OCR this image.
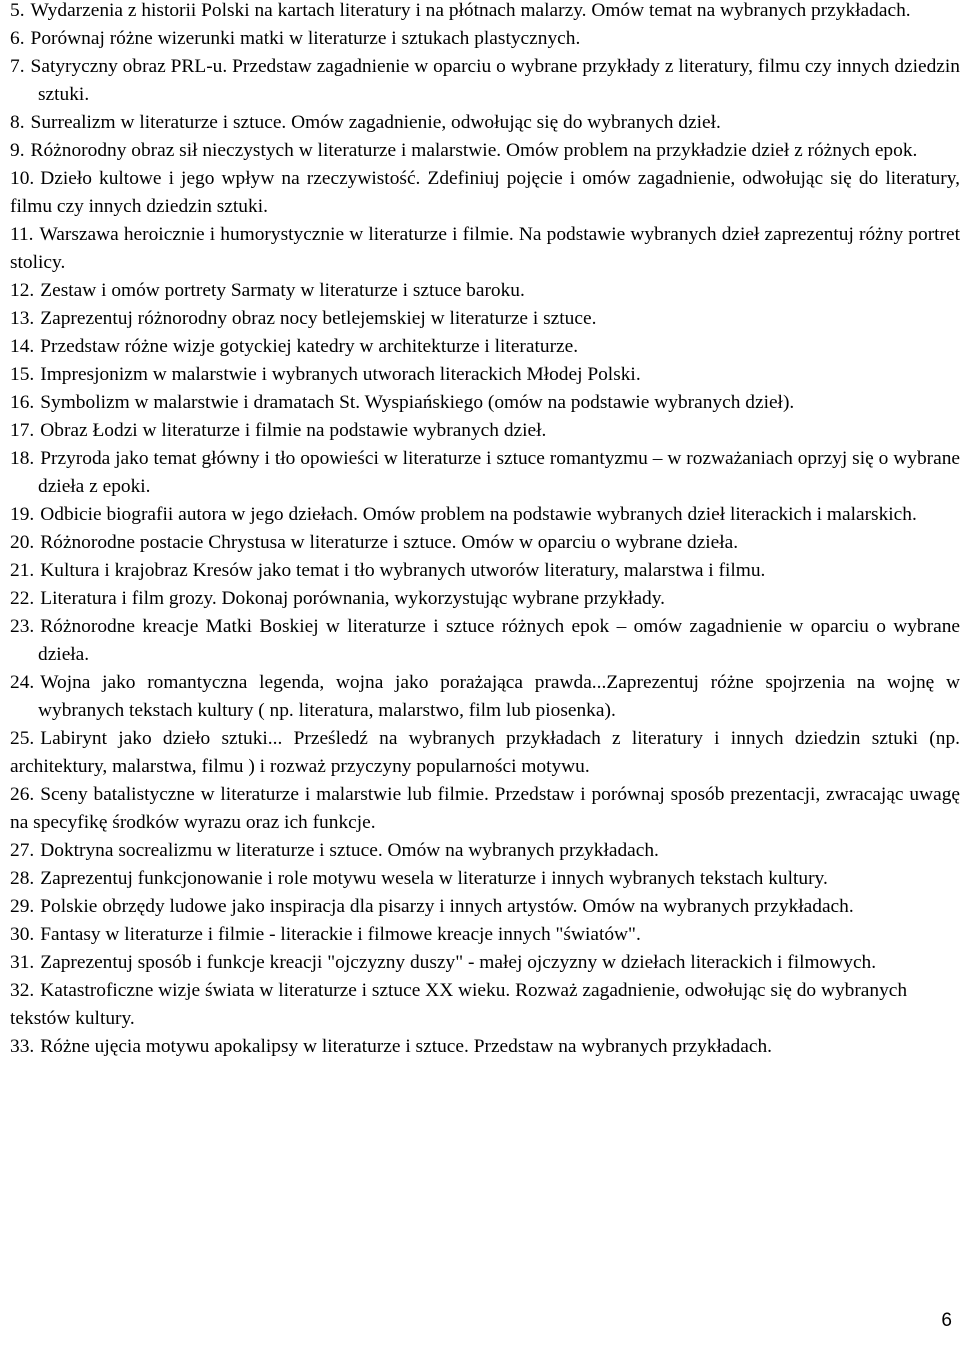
5. Wydarzenia z historii Polski na kartach literatury i na płótnach malarzy. Omów temat na wybranych przykładach.
6. Porównaj różne wizerunki matki w literaturze i sztukach plastycznych.
7. Satyryczny obraz PRL-u. Przedstaw zagadnienie w oparciu o wybrane przykłady z literatury, filmu czy innych dziedzin sztuki.
8. Surrealizm w literaturze i sztuce. Omów zagadnienie, odwołując się do wybranych dzieł.
9. Różnorodny obraz sił nieczystych w literaturze i malarstwie. Omów problem na przykładzie dzieł z różnych epok.
10. Dzieło kultowe i jego wpływ na rzeczywistość. Zdefiniuj pojęcie i omów zagadnienie, odwołując się do literatury, filmu czy innych dziedzin sztuki.
11. Warszawa heroicznie i humorystycznie w literaturze i filmie. Na podstawie wybranych dzieł zaprezentuj różny portret stolicy.
12. Zestaw i omów portrety Sarmaty w literaturze i sztuce baroku.
13. Zaprezentuj różnorodny obraz nocy betlejemskiej w literaturze i sztuce.
14. Przedstaw różne wizje gotyckiej katedry w architekturze i literaturze.
15. Impresjonizm w malarstwie i wybranych utworach literackich Młodej Polski.
16. Symbolizm w malarstwie i dramatach St. Wyspiańskiego (omów na podstawie wybranych dzieł).
17. Obraz Łodzi w literaturze i filmie na podstawie wybranych dzieł.
18. Przyroda jako temat główny i tło opowieści w literaturze i sztuce romantyzmu – w rozważaniach oprzyj się o wybrane dzieła z epoki.
19. Odbicie biografii autora w jego dziełach. Omów problem na podstawie wybranych dzieł literackich i malarskich.
20. Różnorodne postacie Chrystusa w literaturze i sztuce. Omów w oparciu o wybrane dzieła.
21. Kultura i krajobraz Kresów jako temat i tło wybranych utworów literatury, malarstwa i filmu.
22. Literatura i film grozy. Dokonaj porównania, wykorzystując wybrane przykłady.
23. Różnorodne kreacje Matki Boskiej w literaturze i sztuce różnych epok – omów zagadnienie w oparciu o wybrane dzieła.
24. Wojna jako romantyczna legenda, wojna jako porażająca prawda...Zaprezentuj różne spojrzenia na wojnę w wybranych tekstach kultury ( np. literatura, malarstwo, film lub piosenka).
25. Labirynt jako dzieło sztuki... Prześledź na wybranych przykładach z literatury i innych dziedzin sztuki (np. architektury, malarstwa, filmu ) i rozważ przyczyny popularności motywu.
26. Sceny batalistyczne w literaturze i malarstwie lub filmie. Przedstaw i porównaj sposób prezentacji, zwracając uwagę na specyfikę środków wyrazu oraz ich funkcje.
27. Doktryna socrealizmu w literaturze i sztuce. Omów na wybranych przykładach.
28. Zaprezentuj funkcjonowanie i role motywu wesela w literaturze i innych wybranych tekstach kultury.
29. Polskie obrzędy ludowe jako inspiracja dla pisarzy i innych artystów. Omów na wybranych przykładach.
30. Fantasy w literaturze i filmie - literackie i filmowe kreacje innych "światów".
31. Zaprezentuj sposób i funkcje kreacji "ojczyzny duszy" - małej ojczyzny w dziełach literackich i filmowych.
32. Katastroficzne wizje świata w literaturze i sztuce XX wieku. Rozważ zagadnienie, odwołując się do wybranych tekstów kultury.
33. Różne ujęcia motywu apokalipsy w literaturze i sztuce. Przedstaw na wybranych przykładach.
6
